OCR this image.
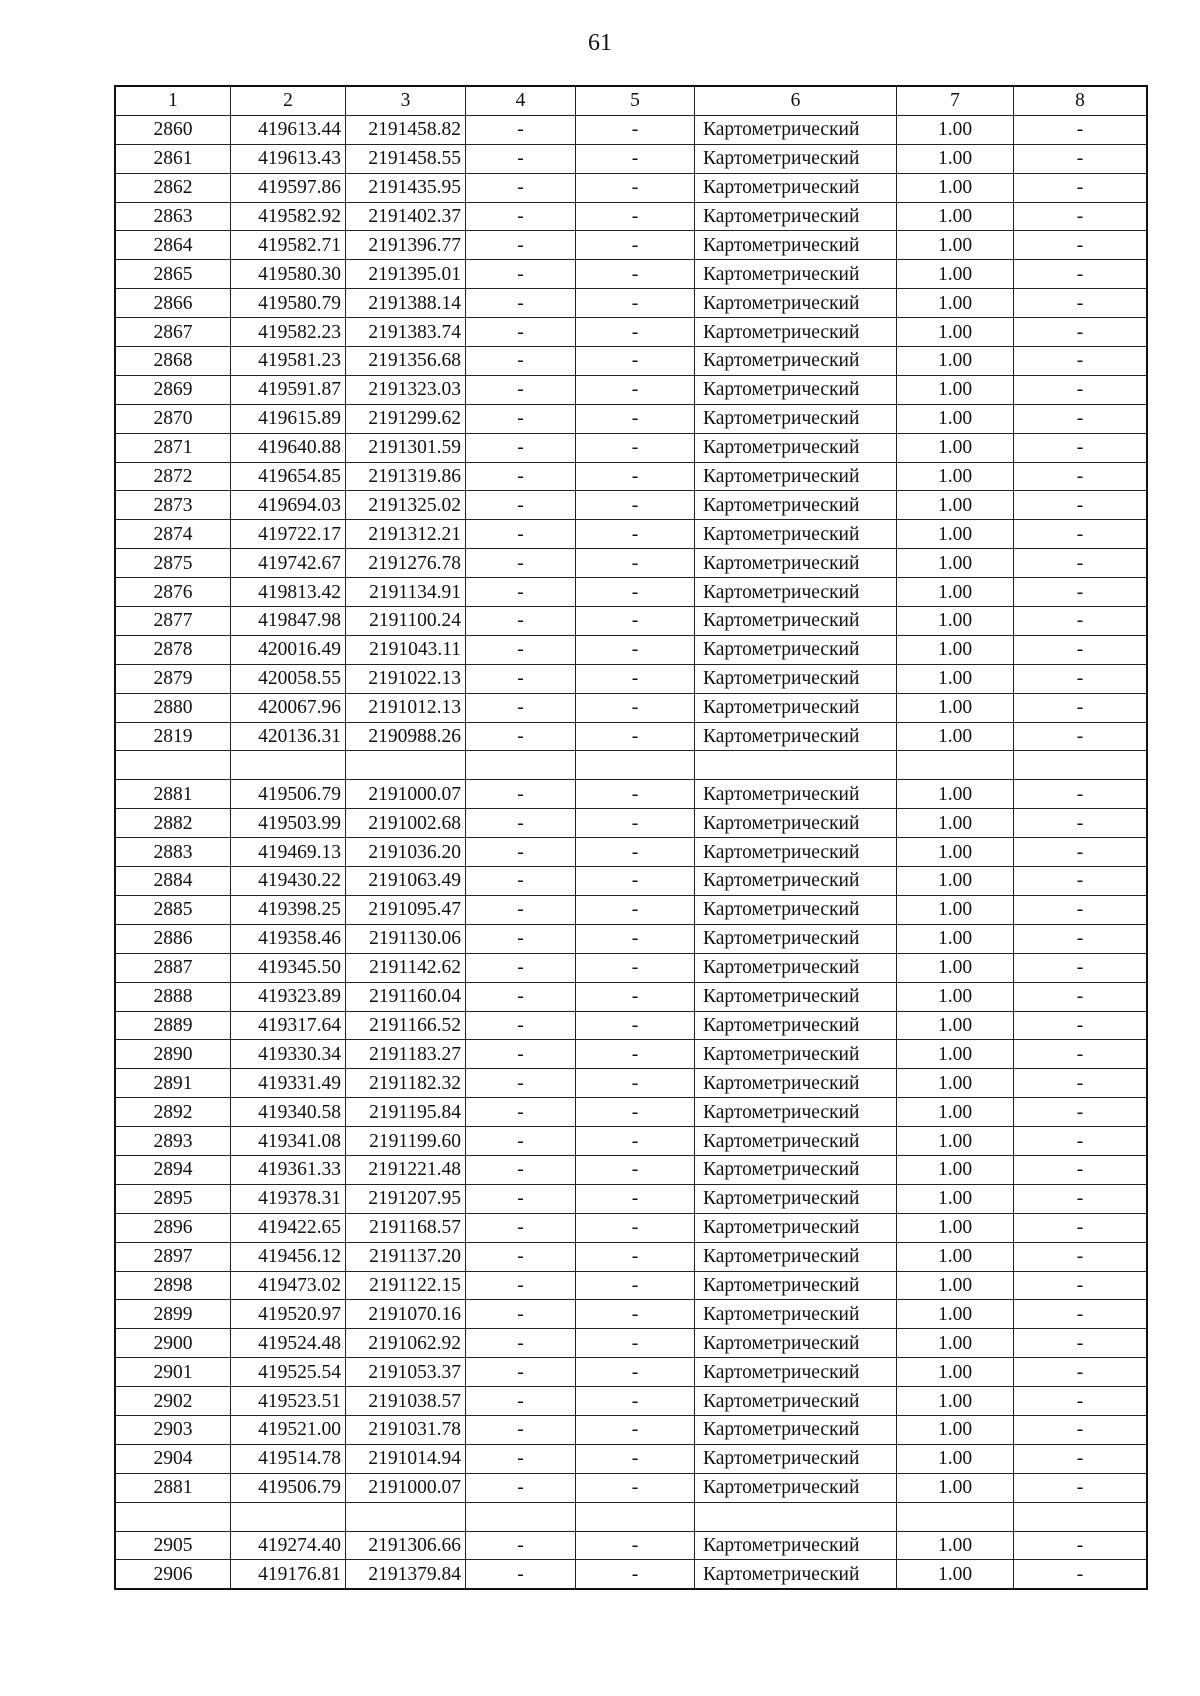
61
1	2	3	4	5	6	7	8
2860	419613.44	2191458.82	-	-	Картометрический	1.00	-
2861	419613.43	2191458.55	-	-	Картометрический	1.00	-
2862	419597.86	2191435.95	-	-	Картометрический	1.00	-
2863	419582.92	2191402.37	-	-	Картометрический	1.00	-
2864	419582.71	2191396.77	-	-	Картометрический	1.00	-
2865	419580.30	2191395.01	-	-	Картометрический	1.00	-
2866	419580.79	2191388.14	-	-	Картометрический	1.00	-
2867	419582.23	2191383.74	-	-	Картометрический	1.00	-
2868	419581.23	2191356.68	-	-	Картометрический	1.00	-
2869	419591.87	2191323.03	-	-	Картометрический	1.00	-
2870	419615.89	2191299.62	-	-	Картометрический	1.00	-
2871	419640.88	2191301.59	-	-	Картометрический	1.00	-
2872	419654.85	2191319.86	-	-	Картометрический	1.00	-
2873	419694.03	2191325.02	-	-	Картометрический	1.00	-
2874	419722.17	2191312.21	-	-	Картометрический	1.00	-
2875	419742.67	2191276.78	-	-	Картометрический	1.00	-
2876	419813.42	2191134.91	-	-	Картометрический	1.00	-
2877	419847.98	2191100.24	-	-	Картометрический	1.00	-
2878	420016.49	2191043.11	-	-	Картометрический	1.00	-
2879	420058.55	2191022.13	-	-	Картометрический	1.00	-
2880	420067.96	2191012.13	-	-	Картометрический	1.00	-
2819	420136.31	2190988.26	-	-	Картометрический	1.00	-

2881	419506.79	2191000.07	-	-	Картометрический	1.00	-
2882	419503.99	2191002.68	-	-	Картометрический	1.00	-
2883	419469.13	2191036.20	-	-	Картометрический	1.00	-
2884	419430.22	2191063.49	-	-	Картометрический	1.00	-
2885	419398.25	2191095.47	-	-	Картометрический	1.00	-
2886	419358.46	2191130.06	-	-	Картометрический	1.00	-
2887	419345.50	2191142.62	-	-	Картометрический	1.00	-
2888	419323.89	2191160.04	-	-	Картометрический	1.00	-
2889	419317.64	2191166.52	-	-	Картометрический	1.00	-
2890	419330.34	2191183.27	-	-	Картометрический	1.00	-
2891	419331.49	2191182.32	-	-	Картометрический	1.00	-
2892	419340.58	2191195.84	-	-	Картометрический	1.00	-
2893	419341.08	2191199.60	-	-	Картометрический	1.00	-
2894	419361.33	2191221.48	-	-	Картометрический	1.00	-
2895	419378.31	2191207.95	-	-	Картометрический	1.00	-
2896	419422.65	2191168.57	-	-	Картометрический	1.00	-
2897	419456.12	2191137.20	-	-	Картометрический	1.00	-
2898	419473.02	2191122.15	-	-	Картометрический	1.00	-
2899	419520.97	2191070.16	-	-	Картометрический	1.00	-
2900	419524.48	2191062.92	-	-	Картометрический	1.00	-
2901	419525.54	2191053.37	-	-	Картометрический	1.00	-
2902	419523.51	2191038.57	-	-	Картометрический	1.00	-
2903	419521.00	2191031.78	-	-	Картометрический	1.00	-
2904	419514.78	2191014.94	-	-	Картометрический	1.00	-
2881	419506.79	2191000.07	-	-	Картометрический	1.00	-

2905	419274.40	2191306.66	-	-	Картометрический	1.00	-
2906	419176.81	2191379.84	-	-	Картометрический	1.00	-
